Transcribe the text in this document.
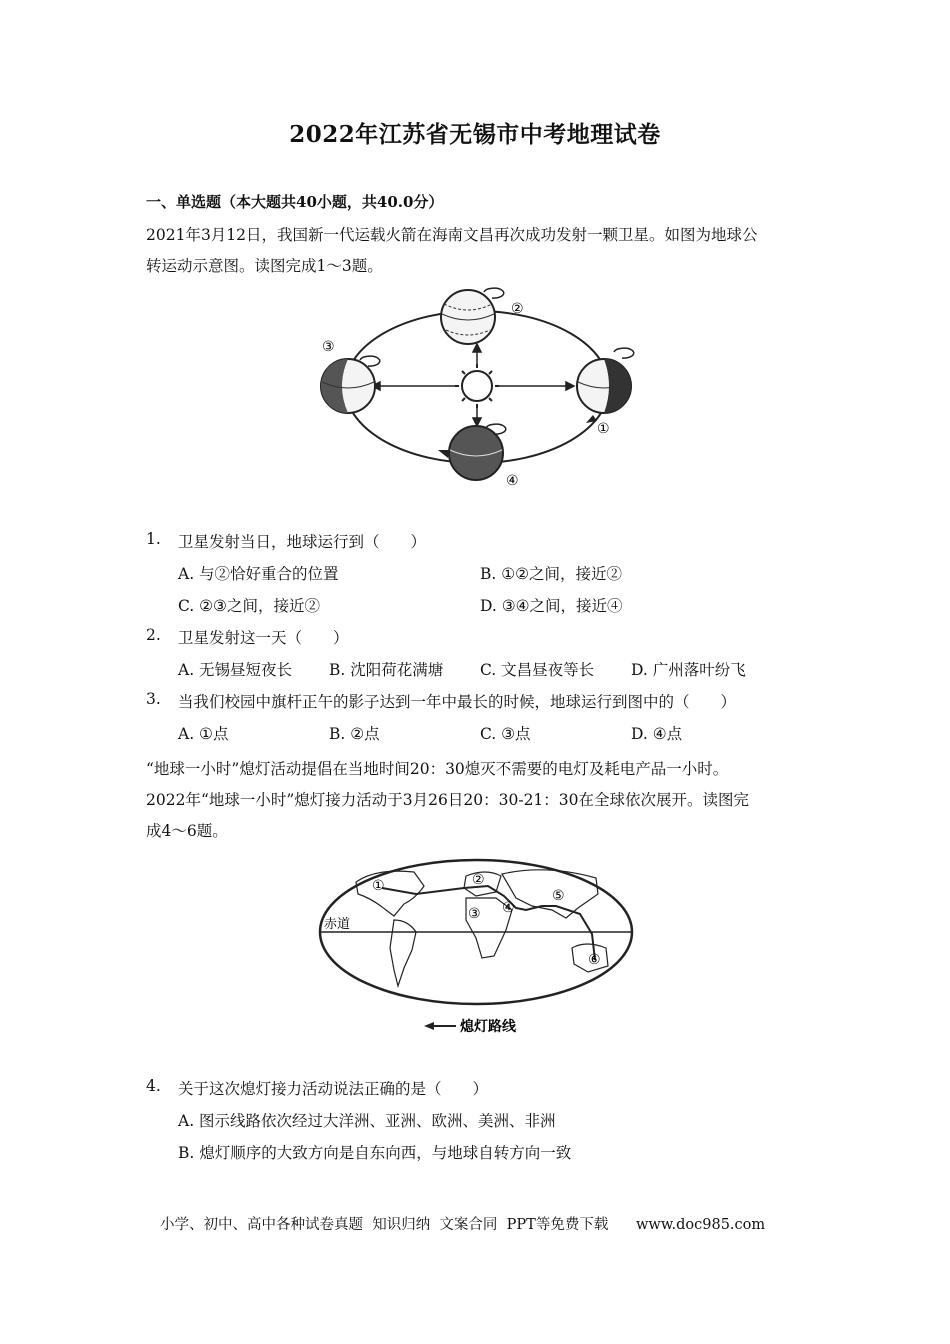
2022年江苏省无锡市中考地理试卷
一、单选题（本大题共40小题，共40.0分）
2021年3月12日，我国新一代运载火箭在海南文昌再次成功发射一颗卫星。如图为地球公
转运动示意图。读图完成1～3题。
②
③
①
④
1. 卫星发射当日，地球运行到（　　）
A. 与②恰好重合的位置	B. ①②之间，接近②
C. ②③之间，接近②	D. ③④之间，接近④
2. 卫星发射这一天（　　）
A. 无锡昼短夜长 B. 沈阳荷花满塘 C. 文昌昼夜等长 D. 广州落叶纷飞
3. 当我们校园中旗杆正午的影子达到一年中最长的时候，地球运行到图中的（　　）
A. ①点	B. ②点	C. ③点	D. ④点
“地球一小时”熄灯活动提倡在当地时间20：30熄灭不需要的电灯及耗电产品一小时。
2022年“地球一小时”熄灯接力活动于3月26日20：30-21：30在全球依次展开。读图完
成4～6题。
赤道
①	②
③ ④
⑤
⑥
熄灯路线
4. 关于这次熄灯接力活动说法正确的是（　　）
A. 图示线路依次经过大洋洲、亚洲、欧洲、美洲、非洲
B. 熄灯顺序的大致方向是自东向西，与地球自转方向一致
小学、初中、高中各种试卷真题  知识归纳  文案合同  PPT等免费下载      www.doc985.com
